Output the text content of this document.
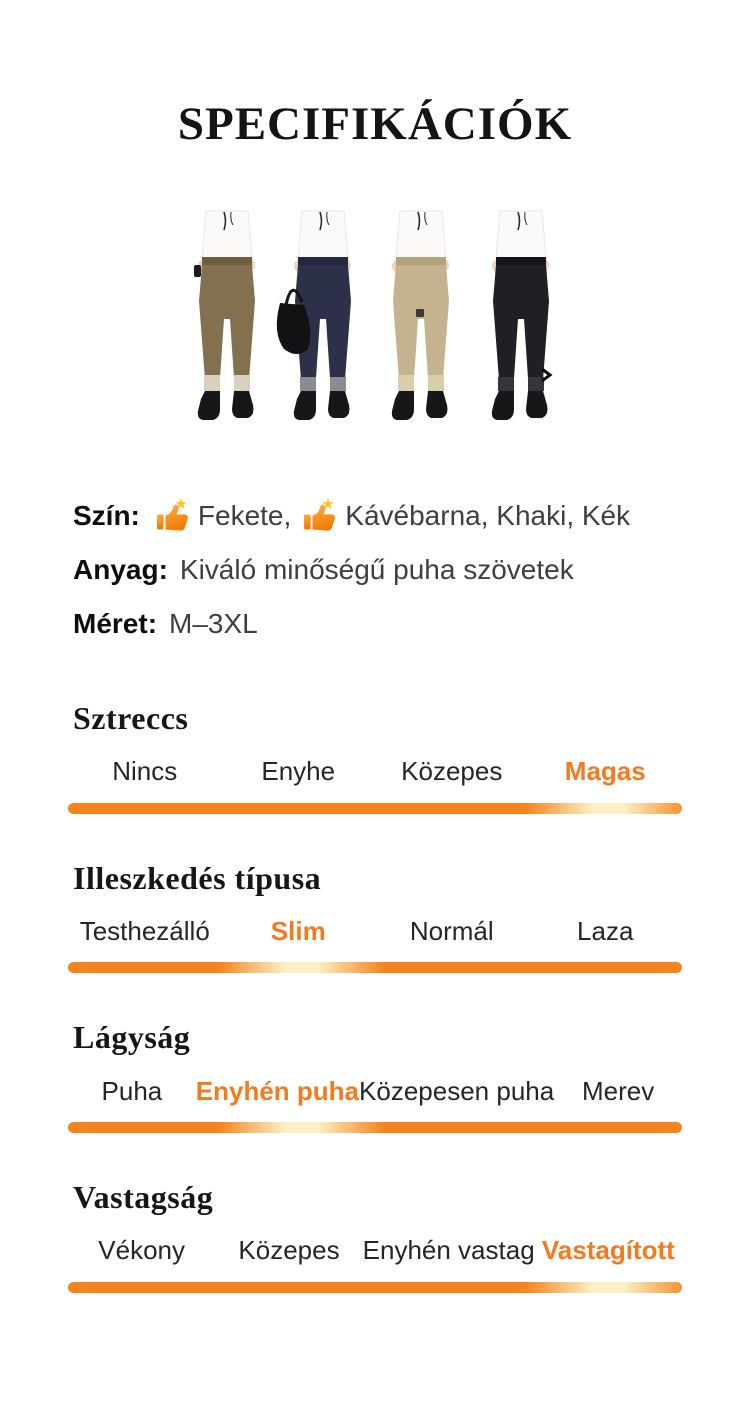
SPECIFIKÁCIÓK
Szín: Fekete, Kávébarna, Khaki, Kék
Anyag: Kiváló minőségű puha szövetek
Méret: M–3XL
Sztreccs
Nincs	Enyhe	Közepes	Magas
Illeszkedés típusa
Testhezálló	Slim	Normál	Laza
Lágyság
Puha	Enyhén puha Közepesen puha	Merev
Vastagság
Vékony	Közepes Enyhén vastag Vastagított
